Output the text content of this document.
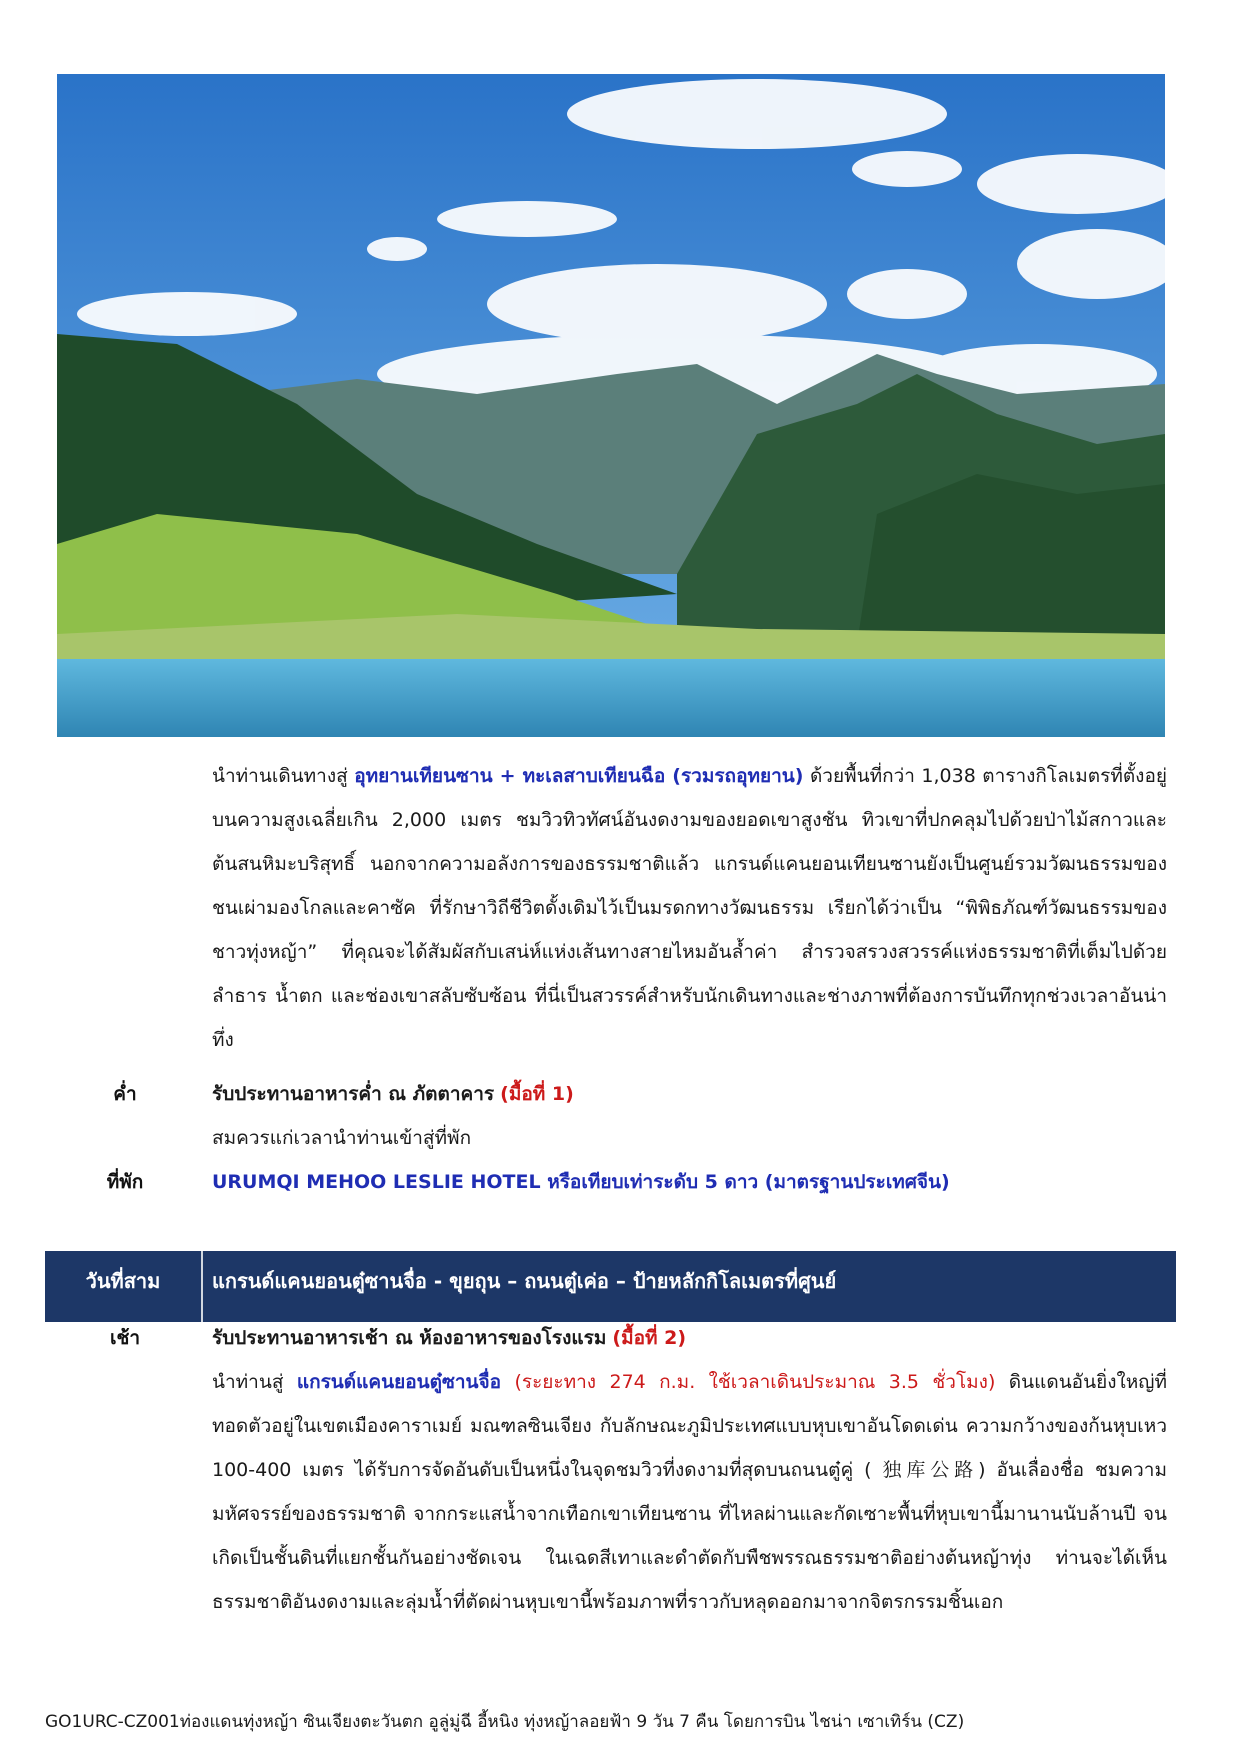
นำท่านเดินทางสู่ อุทยานเทียนซาน + ทะเลสาบเทียนฉือ (รวมรถอุทยาน) ด้วยพื้นที่กว่า 1,038 ตารางกิโลเมตรที่ตั้งอยู่บนความสูงเฉลี่ยเกิน 2,000 เมตร ชมวิวทิวทัศน์อันงดงามของยอดเขาสูงชัน ทิวเขาที่ปกคลุมไปด้วยป่าไม้สกาวและต้นสนหิมะบริสุทธิ์ นอกจากความอลังการของธรรมชาติแล้ว แกรนด์แคนยอนเทียนซานยังเป็นศูนย์รวมวัฒนธรรมของชนเผ่ามองโกลและคาซัค ที่รักษาวิถีชีวิตดั้งเดิมไว้เป็นมรดกทางวัฒนธรรม เรียกได้ว่าเป็น “พิพิธภัณฑ์วัฒนธรรมของชาวทุ่งหญ้า” ที่คุณจะได้สัมผัสกับเสน่ห์แห่งเส้นทางสายไหมอันล้ำค่า สำรวจสรวงสวรรค์แห่งธรรมชาติที่เต็มไปด้วยลำธาร น้ำตก และช่องเขาสลับซับซ้อน ที่นี่เป็นสวรรค์สำหรับนักเดินทางและช่างภาพที่ต้องการบันทึกทุกช่วงเวลาอันน่าทึ่ง
ค่ำ	รับประทานอาหารค่ำ ณ ภัตตาคาร (มื้อที่ 1)
สมควรแก่เวลานำท่านเข้าสู่ที่พัก
ที่พัก	URUMQI MEHOO LESLIE HOTEL หรือเทียบเท่าระดับ 5 ดาว (มาตรฐานประเทศจีน)
วันที่สาม	แกรนด์แคนยอนตู๋ซานจื่อ - ขุยถุน – ถนนตู๋เค่อ – ป้ายหลักกิโลเมตรที่ศูนย์
เช้า	รับประทานอาหารเช้า ณ ห้องอาหารของโรงแรม (มื้อที่ 2)
นำท่านสู่ แกรนด์แคนยอนตู๋ซานจื่อ (ระยะทาง 274 ก.ม. ใช้เวลาเดินประมาณ 3.5 ชั่วโมง) ดินแดนอันยิ่งใหญ่ที่ทอดตัวอยู่ในเขตเมืองคาราเมย์ มณฑลซินเจียง กับลักษณะภูมิประเทศแบบหุบเขาอันโดดเด่น ความกว้างของก้นหุบเหว 100-400 เมตร ได้รับการจัดอันดับเป็นหนึ่งในจุดชมวิวที่งดงามที่สุดบนถนนตู๋คู่ ( 独库公路) อันเลื่องชื่อ ชมความมหัศจรรย์ของธรรมชาติ จากกระแสน้ำจากเทือกเขาเทียนซาน ที่ไหลผ่านและกัดเซาะพื้นที่หุบเขานี้มานานนับล้านปี จนเกิดเป็นชั้นดินที่แยกชั้นกันอย่างชัดเจน ในเฉดสีเทาและดำตัดกับพืชพรรณธรรมชาติอย่างต้นหญ้าทุ่ง ท่านจะได้เห็นธรรมชาติอันงดงามและลุ่มน้ำที่ตัดผ่านหุบเขานี้พร้อมภาพที่ราวกับหลุดออกมาจากจิตรกรรมชิ้นเอก
GO1URC-CZ001ท่องแดนทุ่งหญ้า ซินเจียงตะวันตก อูลู่มู่ฉี อี้หนิง ทุ่งหญ้าลอยฟ้า 9 วัน 7 คืน โดยการบิน ไชน่า เซาเทิร์น (CZ)
